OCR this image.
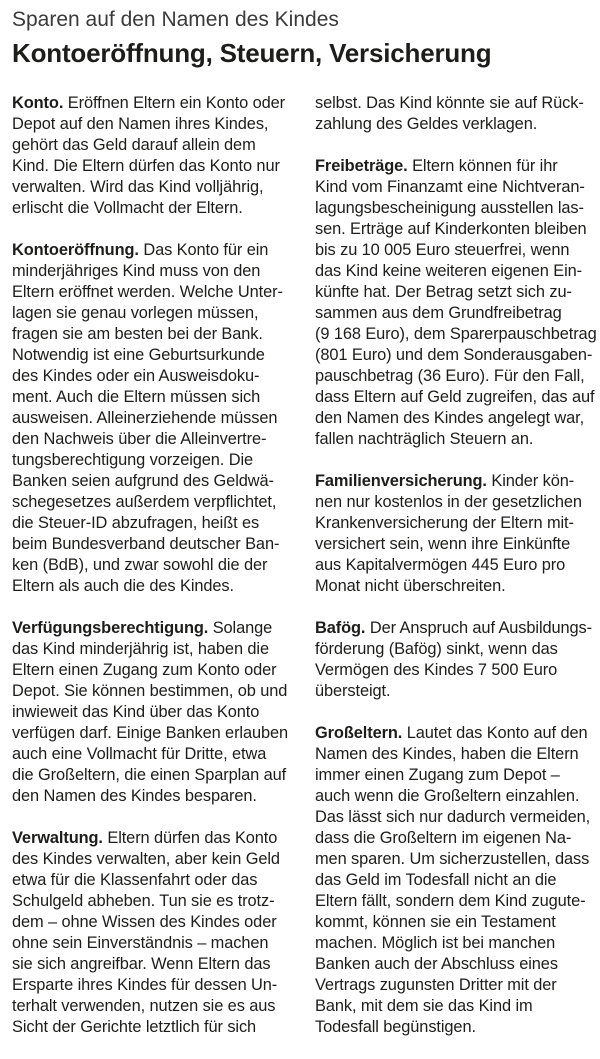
Sparen auf den Namen des Kindes
Kontoeröffnung, Steuern, Versicherung

Konto. Eröffnen Eltern ein Konto oder
Depot auf den Namen ihres Kindes,
gehört das Geld darauf allein dem
Kind. Die Eltern dürfen das Konto nur
verwalten. Wird das Kind volljährig,
erlischt die Vollmacht der Eltern.

Kontoeröffnung. Das Konto für ein
minderjähriges Kind muss von den
Eltern eröffnet werden. Welche Unter-
lagen sie genau vorlegen müssen,
fragen sie am besten bei der Bank.
Notwendig ist eine Geburtsurkunde
des Kindes oder ein Ausweisdoku-
ment. Auch die Eltern müssen sich
ausweisen. Alleinerziehende müssen
den Nachweis über die Alleinvertre-
tungsberechtigung vorzeigen. Die
Banken seien aufgrund des Geldwä-
schegesetzes außerdem verpflichtet,
die Steuer-ID abzufragen, heißt es
beim Bundesverband deutscher Ban-
ken (BdB), und zwar sowohl die der
Eltern als auch die des Kindes.

Verfügungsberechtigung. Solange
das Kind minderjährig ist, haben die
Eltern einen Zugang zum Konto oder
Depot. Sie können bestimmen, ob und
inwieweit das Kind über das Konto
verfügen darf. Einige Banken erlauben
auch eine Vollmacht für Dritte, etwa
die Großeltern, die einen Sparplan auf
den Namen des Kindes besparen.

Verwaltung. Eltern dürfen das Konto
des Kindes verwalten, aber kein Geld
etwa für die Klassenfahrt oder das
Schulgeld abheben. Tun sie es trotz-
dem – ohne Wissen des Kindes oder
ohne sein Einverständnis – machen
sie sich angreifbar. Wenn Eltern das
Ersparte ihres Kindes für dessen Un-
terhalt verwenden, nutzen sie es aus
Sicht der Gerichte letztlich für sich

selbst. Das Kind könnte sie auf Rück-
zahlung des Geldes verklagen.

Freibeträge. Eltern können für ihr
Kind vom Finanzamt eine Nichtveran-
lagungsbescheinigung ausstellen las-
sen. Erträge auf Kinderkonten bleiben
bis zu 10 005 Euro steuerfrei, wenn
das Kind keine weiteren eigenen Ein-
künfte hat. Der Betrag setzt sich zu-
sammen aus dem Grundfreibetrag
(9 168 Euro), dem Sparerpauschbetrag
(801 Euro) und dem Sonderausgaben-
pauschbetrag (36 Euro). Für den Fall,
dass Eltern auf Geld zugreifen, das auf
den Namen des Kindes angelegt war,
fallen nachträglich Steuern an.

Familienversicherung. Kinder kön-
nen nur kostenlos in der gesetzlichen
Krankenversicherung der Eltern mit-
versichert sein, wenn ihre Einkünfte
aus Kapitalvermögen 445 Euro pro
Monat nicht überschreiten.

Bafög. Der Anspruch auf Ausbildungs-
förderung (Bafög) sinkt, wenn das
Vermögen des Kindes 7 500 Euro
übersteigt.

Großeltern. Lautet das Konto auf den
Namen des Kindes, haben die Eltern
immer einen Zugang zum Depot –
auch wenn die Großeltern einzahlen.
Das lässt sich nur dadurch vermeiden,
dass die Großeltern im eigenen Na-
men sparen. Um sicherzustellen, dass
das Geld im Todesfall nicht an die
Eltern fällt, sondern dem Kind zugute-
kommt, können sie ein Testament
machen. Möglich ist bei manchen
Banken auch der Abschluss eines
Vertrags zugunsten Dritter mit der
Bank, mit dem sie das Kind im
Todesfall begünstigen.
